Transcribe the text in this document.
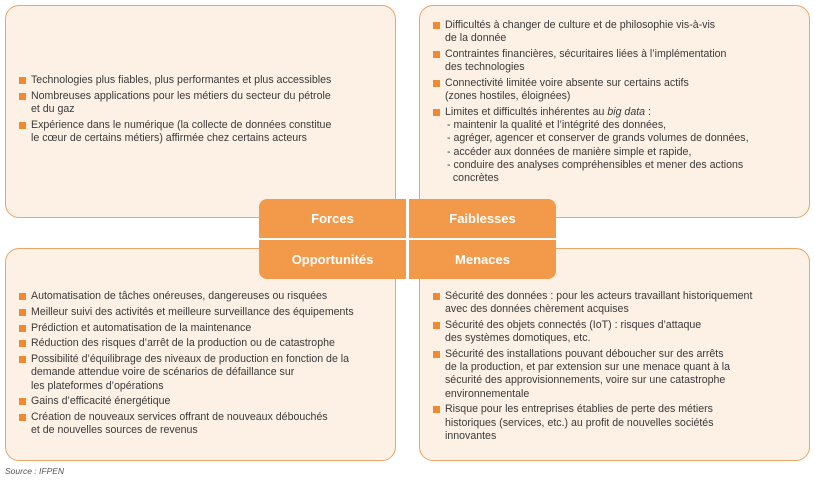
Technologies plus fiables, plus performantes et plus accessibles
Nombreuses applications pour les métiers du secteur du pétrole
et du gaz
Expérience dans le numérique (la collecte de données constitue
le cœur de certains métiers) affirmée chez certains acteurs
Difficultés à changer de culture et de philosophie vis-à-vis
de la donnée
Contraintes financières, sécuritaires liées à l’implémentation
des technologies
Connectivité limitée voire absente sur certains actifs
(zones hostiles, éloignées)
Limites et difficultés inhérentes au big data :
- maintenir la qualité et l’intégrité des données,
- agréger, agencer et conserver de grands volumes de données,
- accéder aux données de manière simple et rapide,
- conduire des analyses compréhensibles et mener des actions
concrètes
Automatisation de tâches onéreuses, dangereuses ou risquées
Meilleur suivi des activités et meilleure surveillance des équipements
Prédiction et automatisation de la maintenance
Réduction des risques d’arrêt de la production ou de catastrophe
Possibilité d’équilibrage des niveaux de production en fonction de la
demande attendue voire de scénarios de défaillance sur
les plateformes d’opérations
Gains d’efficacité énergétique
Création de nouveaux services offrant de nouveaux débouchés
et de nouvelles sources de revenus
Sécurité des données : pour les acteurs travaillant historiquement
avec des données chèrement acquises
Sécurité des objets connectés (IoT) : risques d’attaque
des systèmes domotiques, etc.
Sécurité des installations pouvant déboucher sur des arrêts
de la production, et par extension sur une menace quant à la
sécurité des approvisionnements, voire sur une catastrophe
environnementale
Risque pour les entreprises établies de perte des métiers
historiques (services, etc.) au profit de nouvelles sociétés
innovantes
Forces	Faiblesses
Opportunités	Menaces
Source : IFPEN
